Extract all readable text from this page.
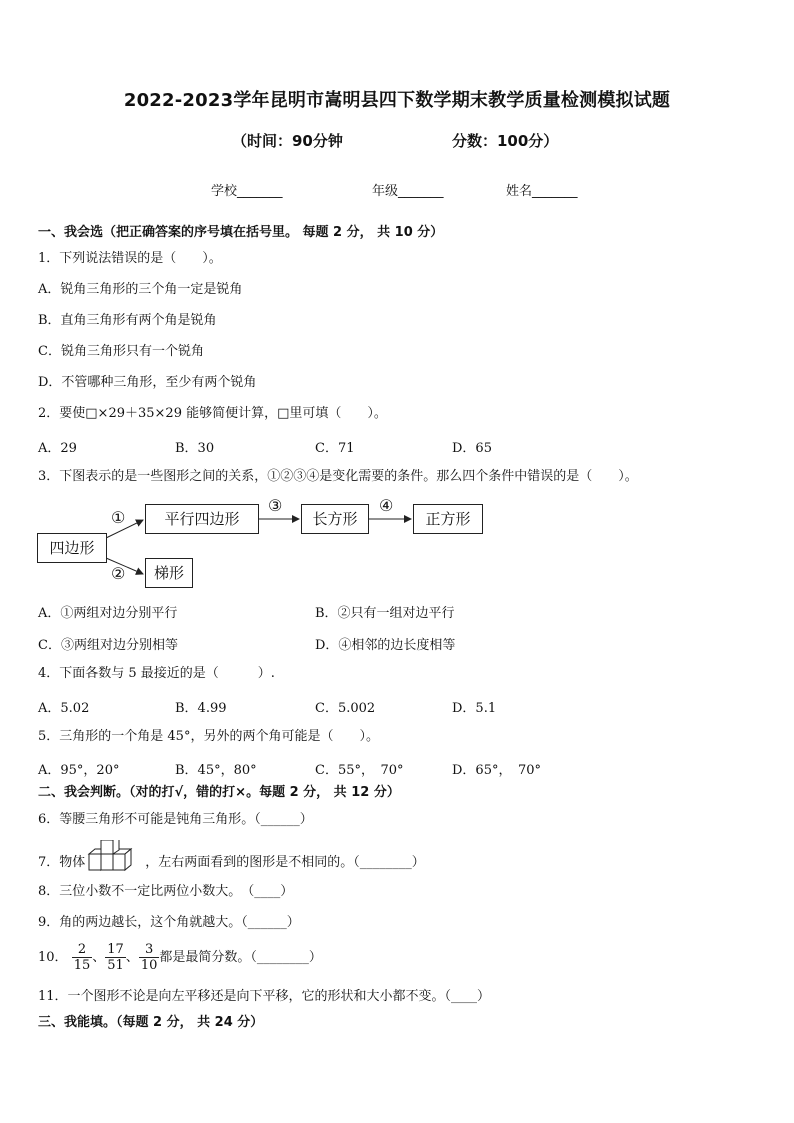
2022-2023学年昆明市嵩明县四下数学期末教学质量检测模拟试题
（时间：90分钟	分数：100分）
学校_______	年级_______	姓名_______
一、我会选（把正确答案的序号填在括号里。 每题 2 分， 共 10 分）
1．下列说法错误的是（　　）。
A．锐角三角形的三个角一定是锐角
B．直角三角形有两个角是锐角
C．锐角三角形只有一个锐角
D．不管哪种三角形，至少有两个锐角
2．要使□×29＋35×29 能够简便计算，□里可填（　　）。
A．29	B．30	C．71	D．65
3．下图表示的是一些图形之间的关系，①②③④是变化需要的条件。那么四个条件中错误的是（　　）。
四边形
平行四边形	长方形	正方形
梯形
①
②
③	④
A．①两组对边分别平行	B．②只有一组对边平行
C．③两组对边分别相等	D．④相邻的边长度相等
4．下面各数与 5 最接近的是（　　　）.
A．5.02	B．4.99	C．5.002	D．5.1
5．三角形的一个角是 45°，另外的两个角可能是（　　）。
A．95°，20°	B．45°，80°	C．55°，　70°	D．65°，　70°
二、我会判断。（对的打√，错的打×。每题 2 分， 共 12 分）
6．等腰三角形不可能是钝角三角形。（______）
7．物体	，左右两面看到的图形是不相同的。（________）
8．三位小数不一定比两位小数大。　（____）
9．角的两边越长，这个角就越大。（______）
10． $\frac{2}{15}$ 、 $\frac{17}{51}$ 、 $\frac{3}{10}$ 都是最简分数。（________）
11．一个图形不论是向左平移还是向下平移，它的形状和大小都不变。（____）
三、我能填。（每题 2 分， 共 24 分）
